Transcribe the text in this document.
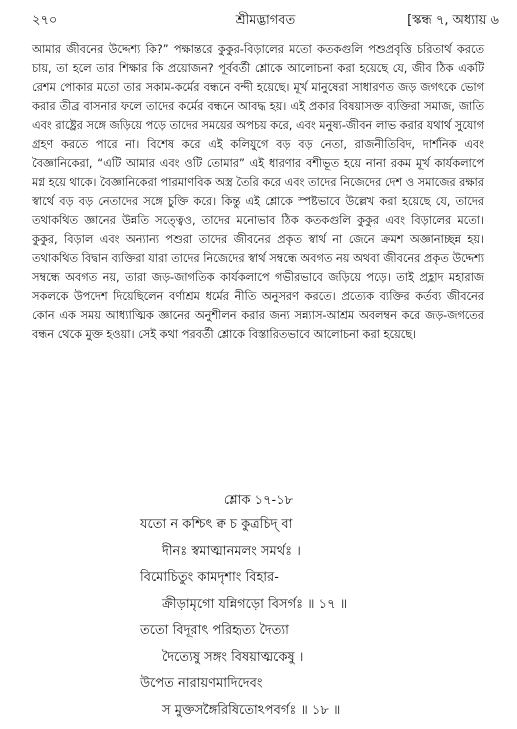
২৭০	শ্রীমদ্ভাগবত	[স্কন্ধ ৭, অধ্যায় ৬

আমার জীবনের উদ্দেশ্য কি?” পক্ষান্তরে কুকুর-বিড়ালের মতো কতকগুলি পশুপ্রবৃত্তি চরিতার্থ করতে চায়, তা হলে তার শিক্ষার কি প্রয়োজন? পূর্ববর্তী শ্লোকে আলোচনা করা হয়েছে যে, জীব ঠিক একটি রেশম পোকার মতো তার সকাম-কর্মের বন্ধনে বন্দী হয়েছে। মূর্খ মানুষেরা সাধারণত জড় জগৎকে ভোগ করার তীব্র বাসনার ফলে তাদের কর্মের বন্ধনে আবদ্ধ হয়। এই প্রকার বিষয়াসক্ত ব্যক্তিরা সমাজ, জাতি এবং রাষ্ট্রের সঙ্গে জড়িয়ে পড়ে তাদের সময়ের অপচয় করে, এবং মনুষ্য-জীবন লাভ করার যথার্থ সুযোগ গ্রহণ করতে পারে না। বিশেষ করে এই কলিযুগে বড় বড় নেতা, রাজনীতিবিদ, দার্শনিক এবং বৈজ্ঞানিকেরা, “এটি আমার এবং ওটি তোমার” এই ধারণার বশীভূত হয়ে নানা রকম মূর্খ কার্যকলাপে মগ্ন হয়ে থাকে। বৈজ্ঞানিকেরা পারমাণবিক অস্ত্র তৈরি করে এবং তাদের নিজেদের দেশ ও সমাজের রক্ষার স্বার্থে বড় বড় নেতাদের সঙ্গে চুক্তি করে। কিন্তু এই শ্লোকে স্পষ্টভাবে উল্লেখ করা হয়েছে যে, তাদের তথাকথিত জ্ঞানের উন্নতি সত্ত্বেও, তাদের মনোভাব ঠিক কতকগুলি কুকুর এবং বিড়ালের মতো। কুকুর, বিড়াল এবং অন্যান্য পশুরা তাদের জীবনের প্রকৃত স্বার্থ না জেনে ক্রমশ অজ্ঞানাচ্ছন্ন হয়। তথাকথিত বিদ্বান ব্যক্তিরা যারা তাদের নিজেদের স্বার্থ সম্বন্ধে অবগত নয় অথবা জীবনের প্রকৃত উদ্দেশ্য সম্বন্ধে অবগত নয়, তারা জড়-জাগতিক কার্যকলাপে গভীরভাবে জড়িয়ে পড়ে। তাই প্রহ্লাদ মহারাজ সকলকে উপদেশ দিয়েছিলেন বর্ণাশ্রম ধর্মের নীতি অনুসরণ করতে। প্রত্যেক ব্যক্তির কর্তব্য জীবনের কোন এক সময় আধ্যাত্মিক জ্ঞানের অনুশীলন করার জন্য সন্ন্যাস-আশ্রম অবলম্বন করে জড়-জগতের বন্ধন থেকে মুক্ত হওয়া। সেই কথা পরবর্তী শ্লোকে বিস্তারিতভাবে আলোচনা করা হয়েছে।

শ্লোক ১৭-১৮
যতো ন কশ্চিৎ ক্ব চ কুত্রচিদ্ বা
দীনঃ স্বমাত্মানমলং সমর্থঃ ।
বিমোচিতুং কামদৃশাং বিহার-
ক্রীড়ামৃগো যন্নিগড়ো বিসর্গঃ ॥ ১৭ ॥
ততো বিদূরাৎ পরিহৃত্য দৈত্যা
দৈত্যেষু সঙ্গং বিষয়াত্মকেষু ।
উপেত নারায়ণমাদিদেবং
স মুক্তসঙ্গৈরিষিতোঽপবর্গঃ ॥ ১৮ ॥
